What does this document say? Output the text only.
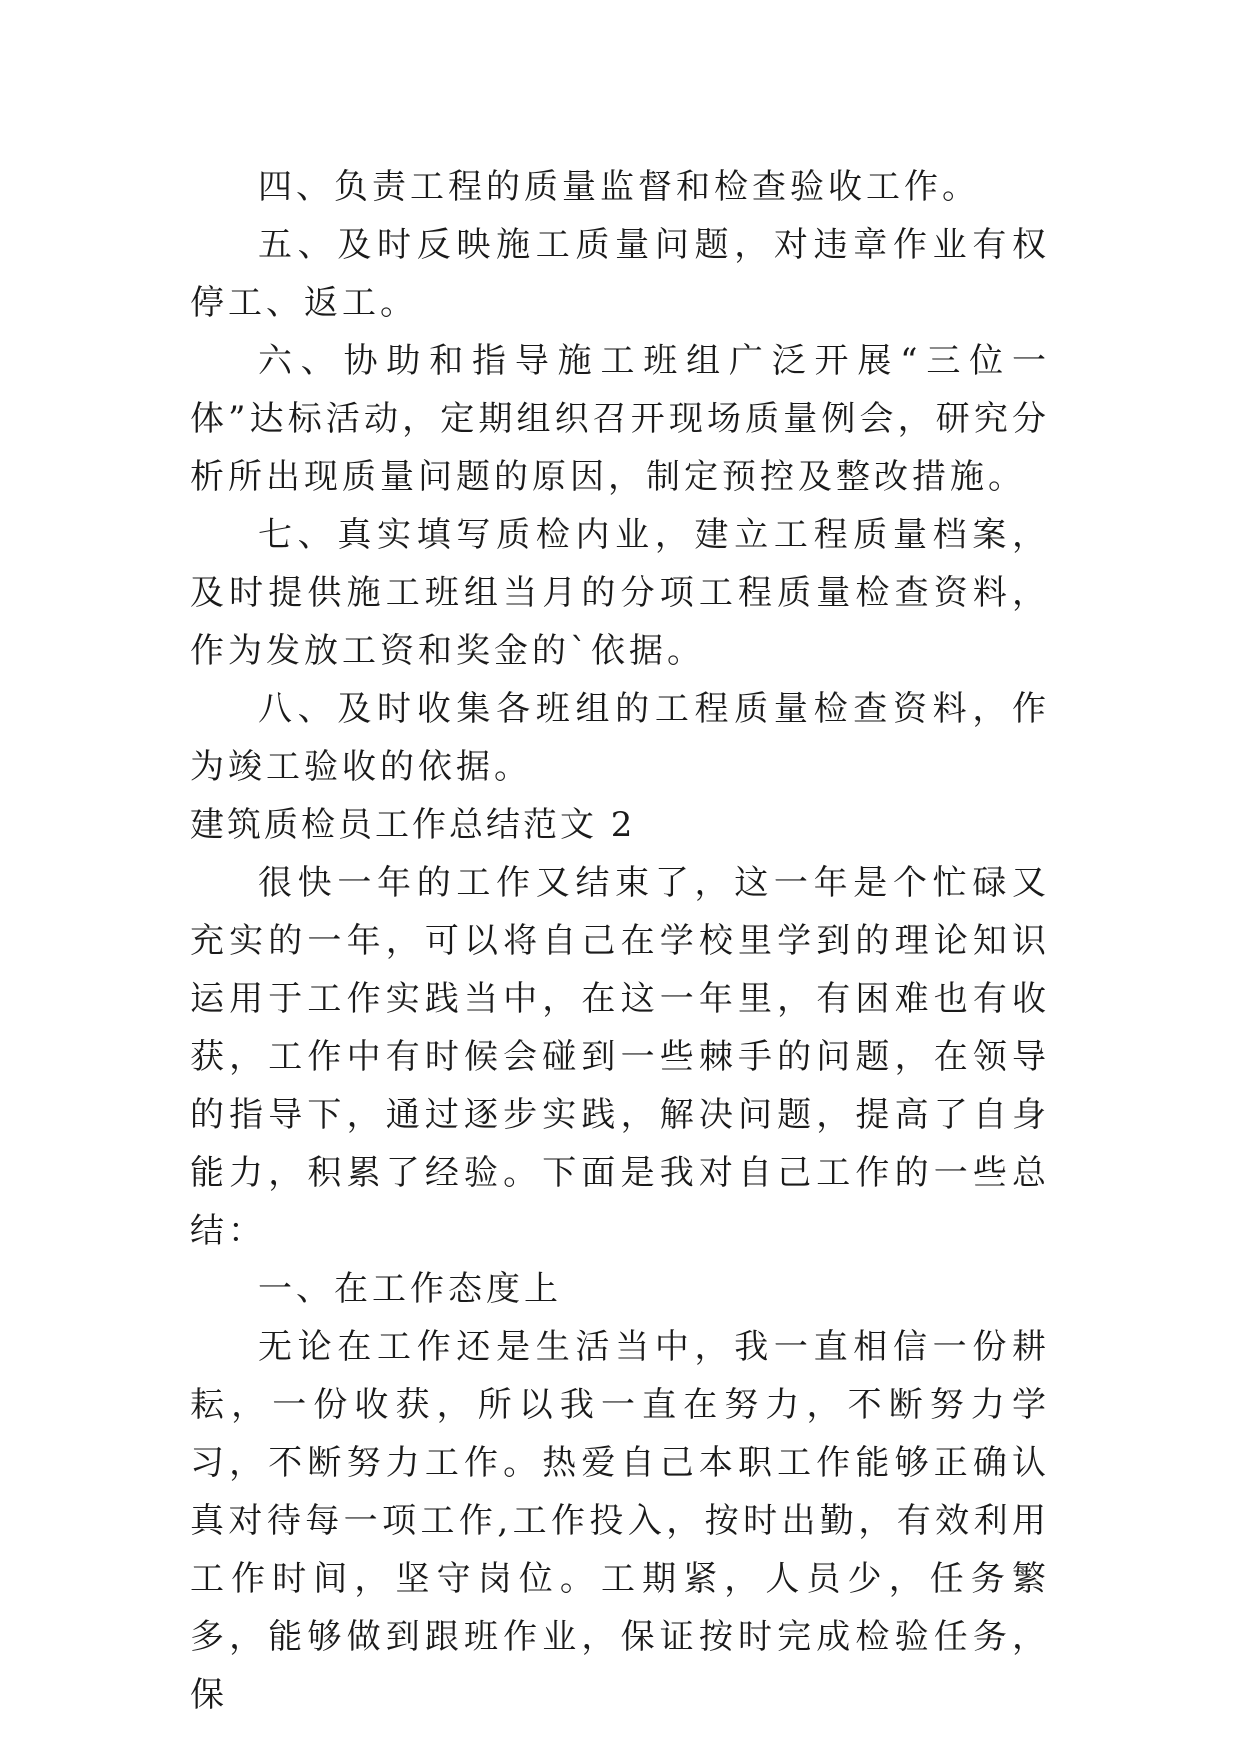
四、负责工程的质量监督和检查验收工作。

五、及时反映施工质量问题，对违章作业有权停工、返工。

六、协助和指导施工班组广泛开展“三位一体”达标活动，定期组织召开现场质量例会，研究分析所出现质量问题的原因，制定预控及整改措施。

七、真实填写质检内业，建立工程质量档案，及时提供施工班组当月的分项工程质量检查资料，作为发放工资和奖金的`依据。

八、及时收集各班组的工程质量检查资料，作为竣工验收的依据。

建筑质检员工作总结范文 2

很快一年的工作又结束了，这一年是个忙碌又充实的一年，可以将自己在学校里学到的理论知识运用于工作实践当中，在这一年里，有困难也有收获，工作中有时候会碰到一些棘手的问题，在领导的指导下，通过逐步实践，解决问题，提高了自身能力，积累了经验。下面是我对自己工作的一些总结：

一、在工作态度上

无论在工作还是生活当中，我一直相信一份耕耘，一份收获，所以我一直在努力，不断努力学习，不断努力工作。热爱自己本职工作能够正确认真对待每一项工作,工作投入，按时出勤，有效利用工作时间，坚守岗位。工期紧，人员少，任务繁多，能够做到跟班作业，保证按时完成检验任务，保
